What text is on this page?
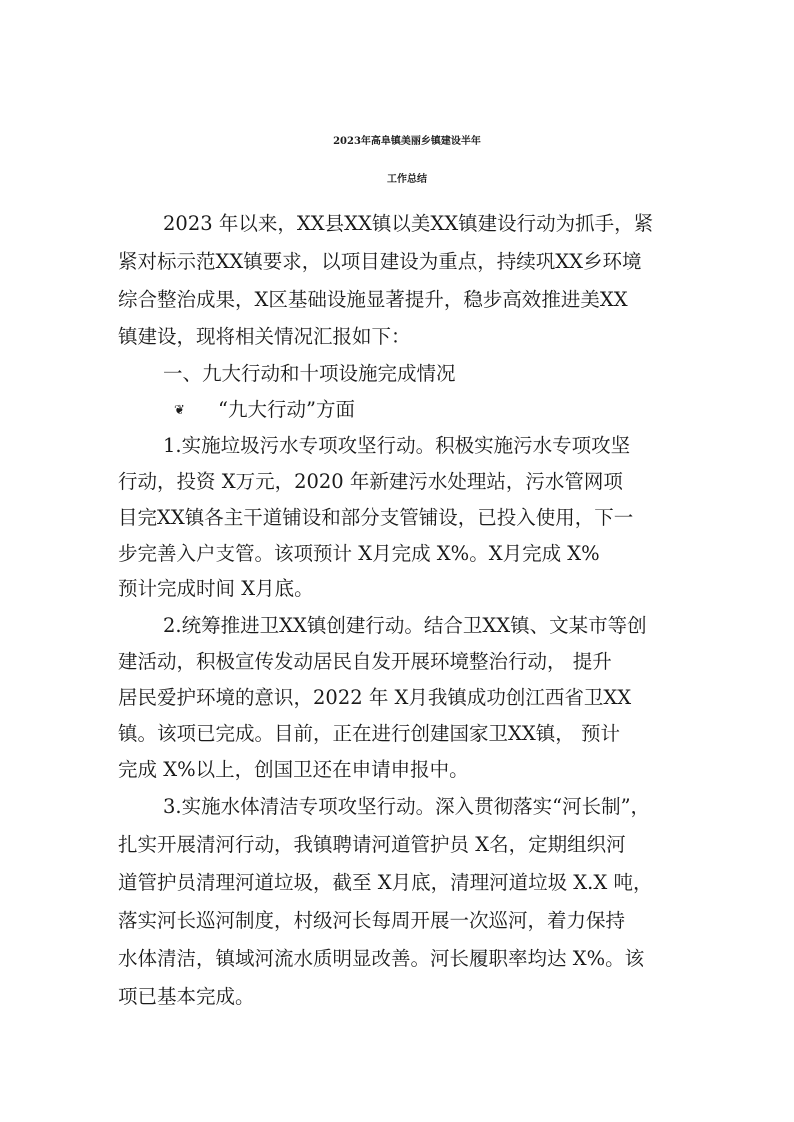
2023年高阜镇美丽乡镇建设半年
工作总结
2023 年以来，XX县XX镇以美XX镇建设行动为抓手，紧
紧对标示范XX镇要求，以项目建设为重点，持续巩XX乡环境
综合整治成果，X区基础设施显著提升，稳步高效推进美XX
镇建设，现将相关情况汇报如下：
一、九大行动和十项设施完成情况
❦ “九大行动”方面
1.实施垃圾污水专项攻坚行动。积极实施污水专项攻坚
行动，投资 X万元，2020 年新建污水处理站，污水管网项
目完XX镇各主干道铺设和部分支管铺设，已投入使用，下一
步完善入户支管。该项预计 X月完成 X%。X月完成 X%
预计完成时间 X月底。
2.统筹推进卫XX镇创建行动。结合卫XX镇、文某市等创
建活动，积极宣传发动居民自发开展环境整治行动， 提升
居民爱护环境的意识，2022 年 X月我镇成功创江西省卫XX
镇。该项已完成。目前，正在进行创建国家卫XX镇， 预计
完成 X%以上，创国卫还在申请申报中。
3.实施水体清洁专项攻坚行动。深入贯彻落实“河长制”，
扎实开展清河行动，我镇聘请河道管护员 X名，定期组织河
道管护员清理河道垃圾，截至 X月底，清理河道垃圾 X.X 吨，
落实河长巡河制度，村级河长每周开展一次巡河，着力保持
水体清洁，镇域河流水质明显改善。河长履职率均达 X%。该
项已基本完成。
